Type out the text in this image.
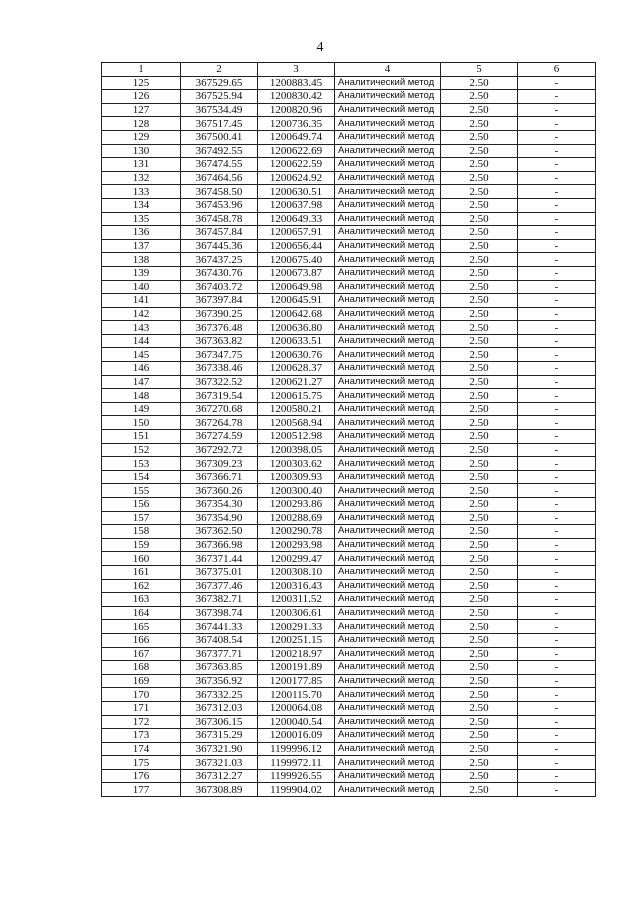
4
1	2	3	4	5	6
125	367529.65	1200883.45	Аналитический метод	2.50	-
126	367525.94	1200830.42	Аналитический метод	2.50	-
127	367534.49	1200820.96	Аналитический метод	2.50	-
128	367517.45	1200736.35	Аналитический метод	2.50	-
129	367500.41	1200649.74	Аналитический метод	2.50	-
130	367492.55	1200622.69	Аналитический метод	2.50	-
131	367474.55	1200622.59	Аналитический метод	2.50	-
132	367464.56	1200624.92	Аналитический метод	2.50	-
133	367458.50	1200630.51	Аналитический метод	2.50	-
134	367453.96	1200637.98	Аналитический метод	2.50	-
135	367458.78	1200649.33	Аналитический метод	2.50	-
136	367457.84	1200657.91	Аналитический метод	2.50	-
137	367445.36	1200656.44	Аналитический метод	2.50	-
138	367437.25	1200675.40	Аналитический метод	2.50	-
139	367430.76	1200673.87	Аналитический метод	2.50	-
140	367403.72	1200649.98	Аналитический метод	2.50	-
141	367397.84	1200645.91	Аналитический метод	2.50	-
142	367390.25	1200642.68	Аналитический метод	2.50	-
143	367376.48	1200636.80	Аналитический метод	2.50	-
144	367363.82	1200633.51	Аналитический метод	2.50	-
145	367347.75	1200630.76	Аналитический метод	2.50	-
146	367338.46	1200628.37	Аналитический метод	2.50	-
147	367322.52	1200621.27	Аналитический метод	2.50	-
148	367319.54	1200615.75	Аналитический метод	2.50	-
149	367270.68	1200580.21	Аналитический метод	2.50	-
150	367264.78	1200568.94	Аналитический метод	2.50	-
151	367274.59	1200512.98	Аналитический метод	2.50	-
152	367292.72	1200398.05	Аналитический метод	2.50	-
153	367309.23	1200303.62	Аналитический метод	2.50	-
154	367366.71	1200309.93	Аналитический метод	2.50	-
155	367360.26	1200300.40	Аналитический метод	2.50	-
156	367354.30	1200293.86	Аналитический метод	2.50	-
157	367354.90	1200288.69	Аналитический метод	2.50	-
158	367362.50	1200290.78	Аналитический метод	2.50	-
159	367366.98	1200293.98	Аналитический метод	2.50	-
160	367371.44	1200299.47	Аналитический метод	2.50	-
161	367375.01	1200308.10	Аналитический метод	2.50	-
162	367377.46	1200316.43	Аналитический метод	2.50	-
163	367382.71	1200311.52	Аналитический метод	2.50	-
164	367398.74	1200306.61	Аналитический метод	2.50	-
165	367441.33	1200291.33	Аналитический метод	2.50	-
166	367408.54	1200251.15	Аналитический метод	2.50	-
167	367377.71	1200218.97	Аналитический метод	2.50	-
168	367363.85	1200191.89	Аналитический метод	2.50	-
169	367356.92	1200177.85	Аналитический метод	2.50	-
170	367332.25	1200115.70	Аналитический метод	2.50	-
171	367312.03	1200064.08	Аналитический метод	2.50	-
172	367306.15	1200040.54	Аналитический метод	2.50	-
173	367315.29	1200016.09	Аналитический метод	2.50	-
174	367321.90	1199996.12	Аналитический метод	2.50	-
175	367321.03	1199972.11	Аналитический метод	2.50	-
176	367312.27	1199926.55	Аналитический метод	2.50	-
177	367308.89	1199904.02	Аналитический метод	2.50	-
